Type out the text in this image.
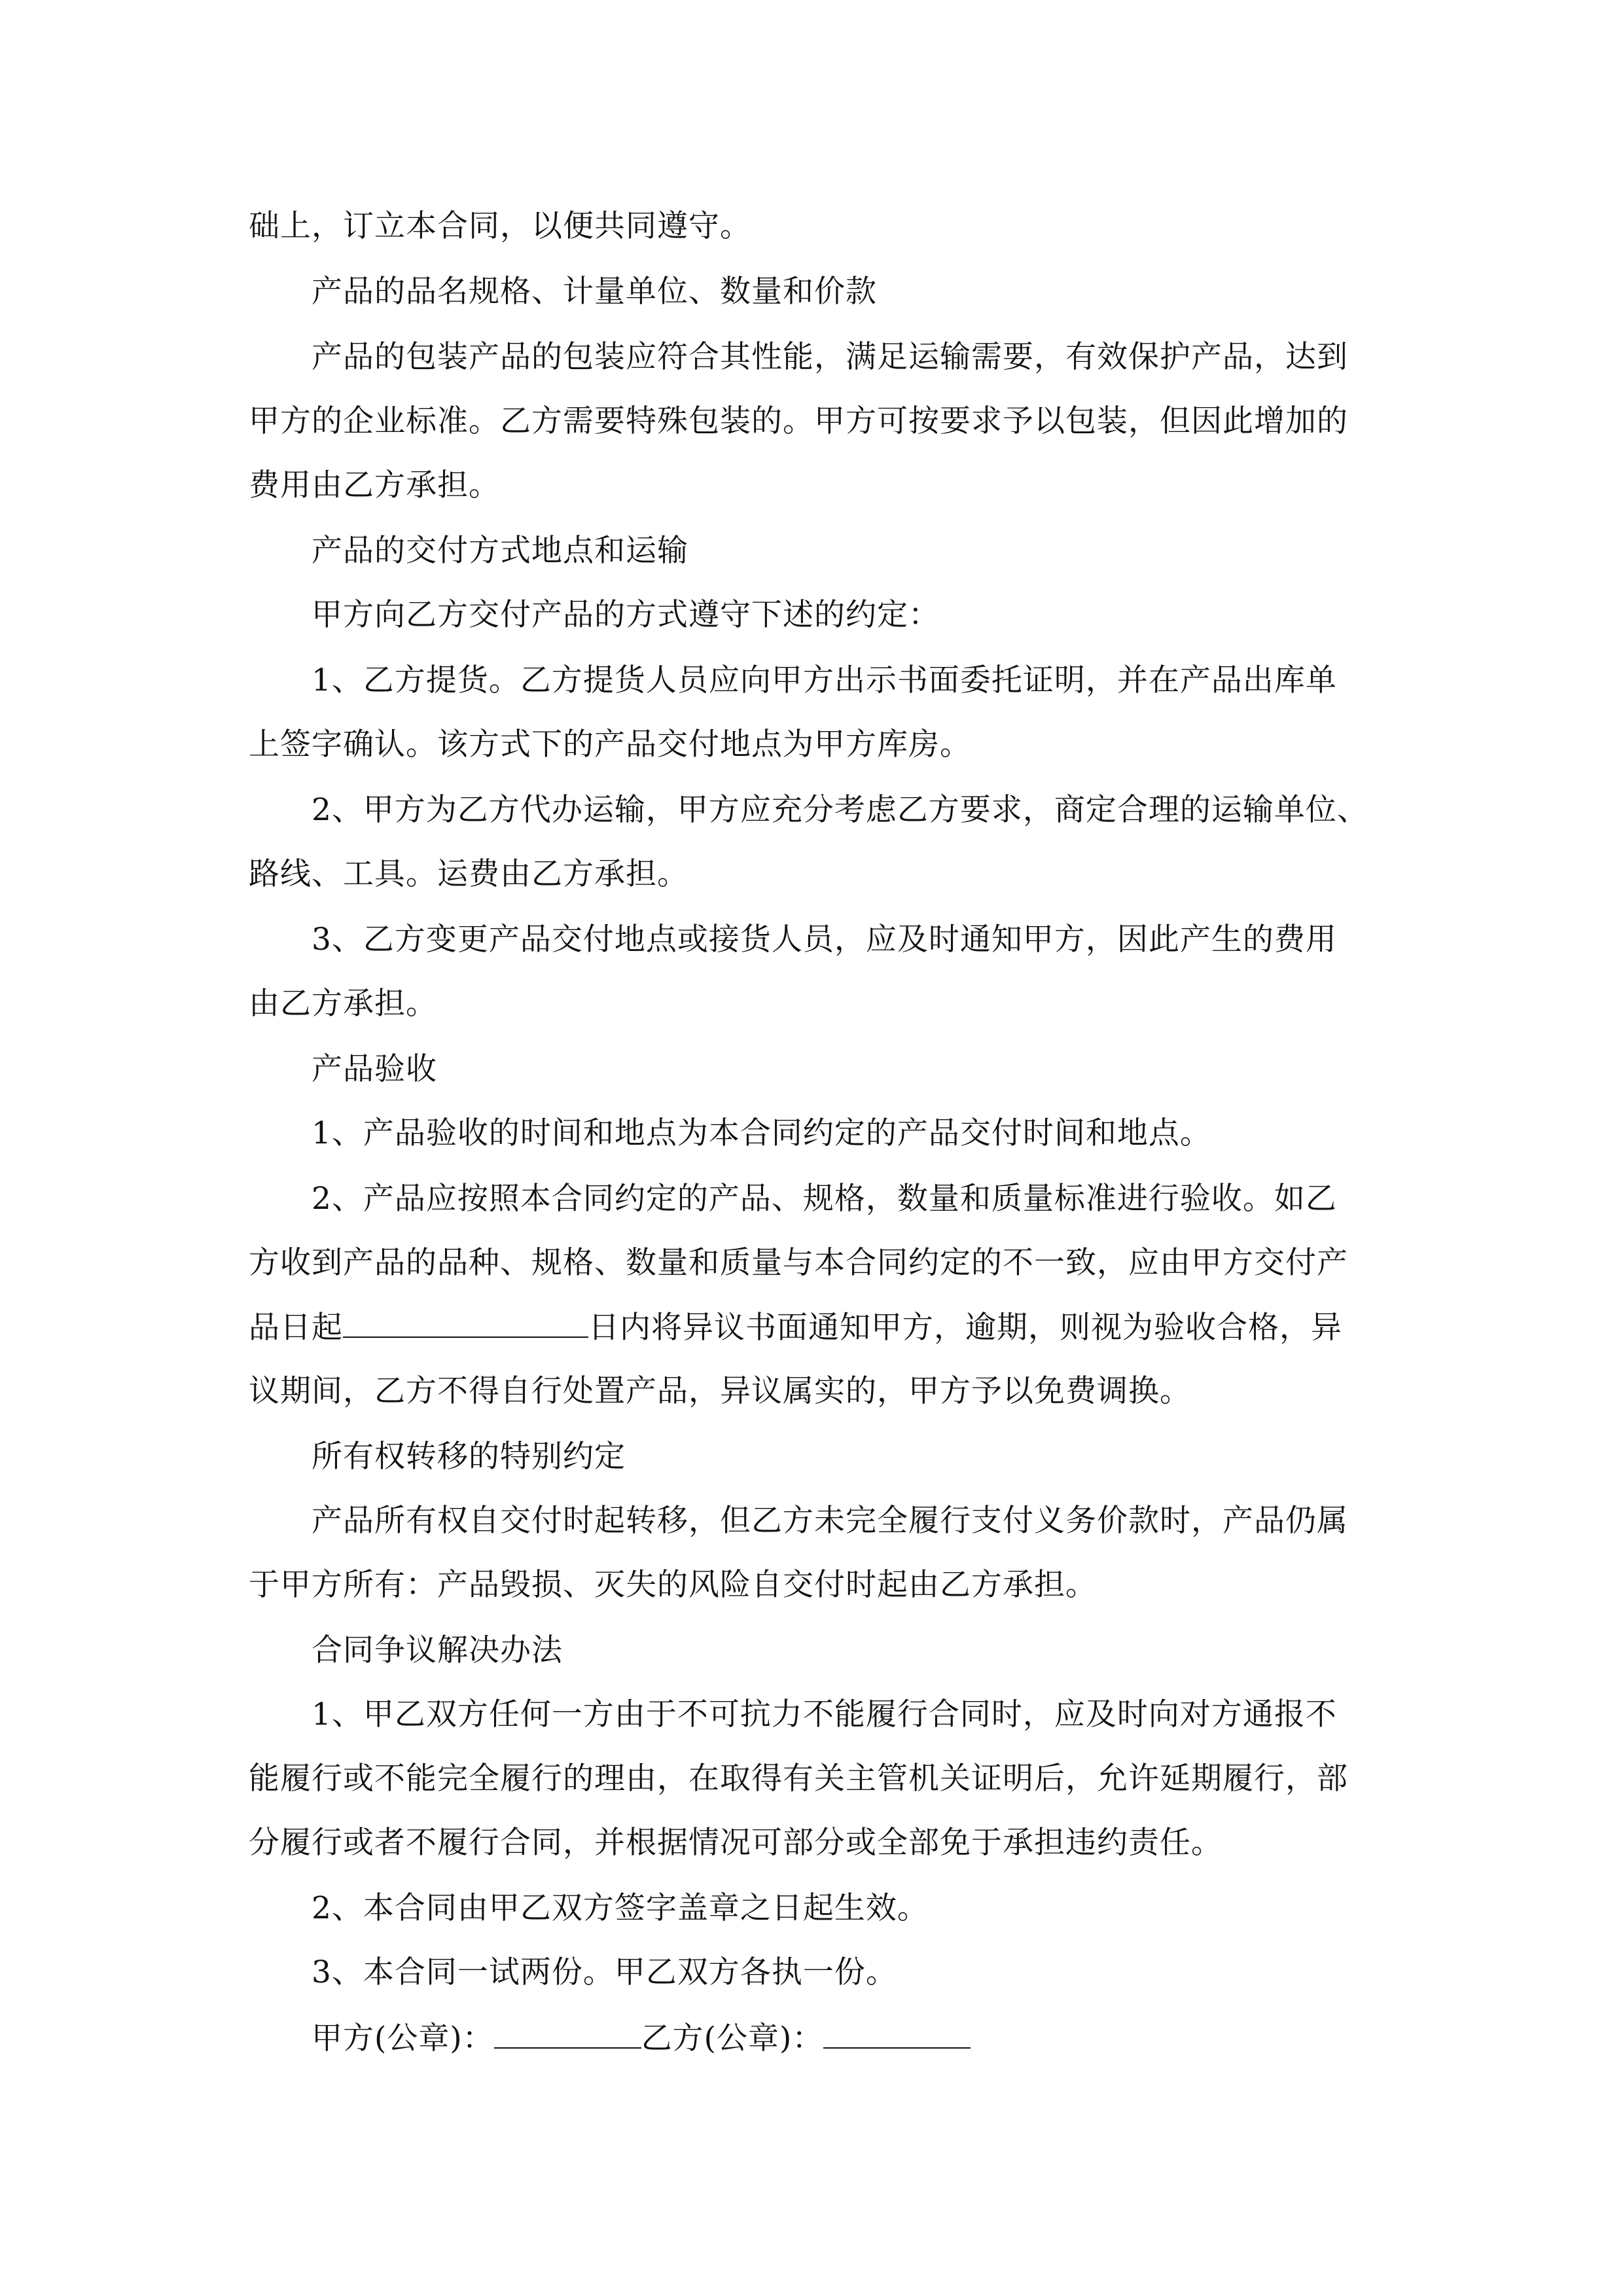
础上，订立本合同，以便共同遵守。
产品的品名规格、计量单位、数量和价款
产品的包装产品的包装应符合其性能，满足运输需要，有效保护产品，达到
甲方的企业标准。乙方需要特殊包装的。甲方可按要求予以包装，但因此增加的
费用由乙方承担。
产品的交付方式地点和运输
甲方向乙方交付产品的方式遵守下述的约定：
1、乙方提货。乙方提货人员应向甲方出示书面委托证明，并在产品出库单
上签字确认。该方式下的产品交付地点为甲方库房。
2、甲方为乙方代办运输，甲方应充分考虑乙方要求，商定合理的运输单位、
路线、工具。运费由乙方承担。
3、乙方变更产品交付地点或接货人员，应及时通知甲方，因此产生的费用
由乙方承担。
产品验收
1、产品验收的时间和地点为本合同约定的产品交付时间和地点。
2、产品应按照本合同约定的产品、规格，数量和质量标准进行验收。如乙
方收到产品的品种、规格、数量和质量与本合同约定的不一致，应由甲方交付产
品日起	日内将异议书面通知甲方，逾期，则视为验收合格，异
议期间，乙方不得自行处置产品，异议属实的，甲方予以免费调换。
所有权转移的特别约定
产品所有权自交付时起转移，但乙方未完全履行支付义务价款时，产品仍属
于甲方所有：产品毁损、灭失的风险自交付时起由乙方承担。
合同争议解决办法
1、甲乙双方任何一方由于不可抗力不能履行合同时，应及时向对方通报不
能履行或不能完全履行的理由，在取得有关主管机关证明后，允许延期履行，部
分履行或者不履行合同，并根据情况可部分或全部免于承担违约责任。
2、本合同由甲乙双方签字盖章之日起生效。
3、本合同一试两份。甲乙双方各执一份。
甲方(公章)：	乙方(公章)：
